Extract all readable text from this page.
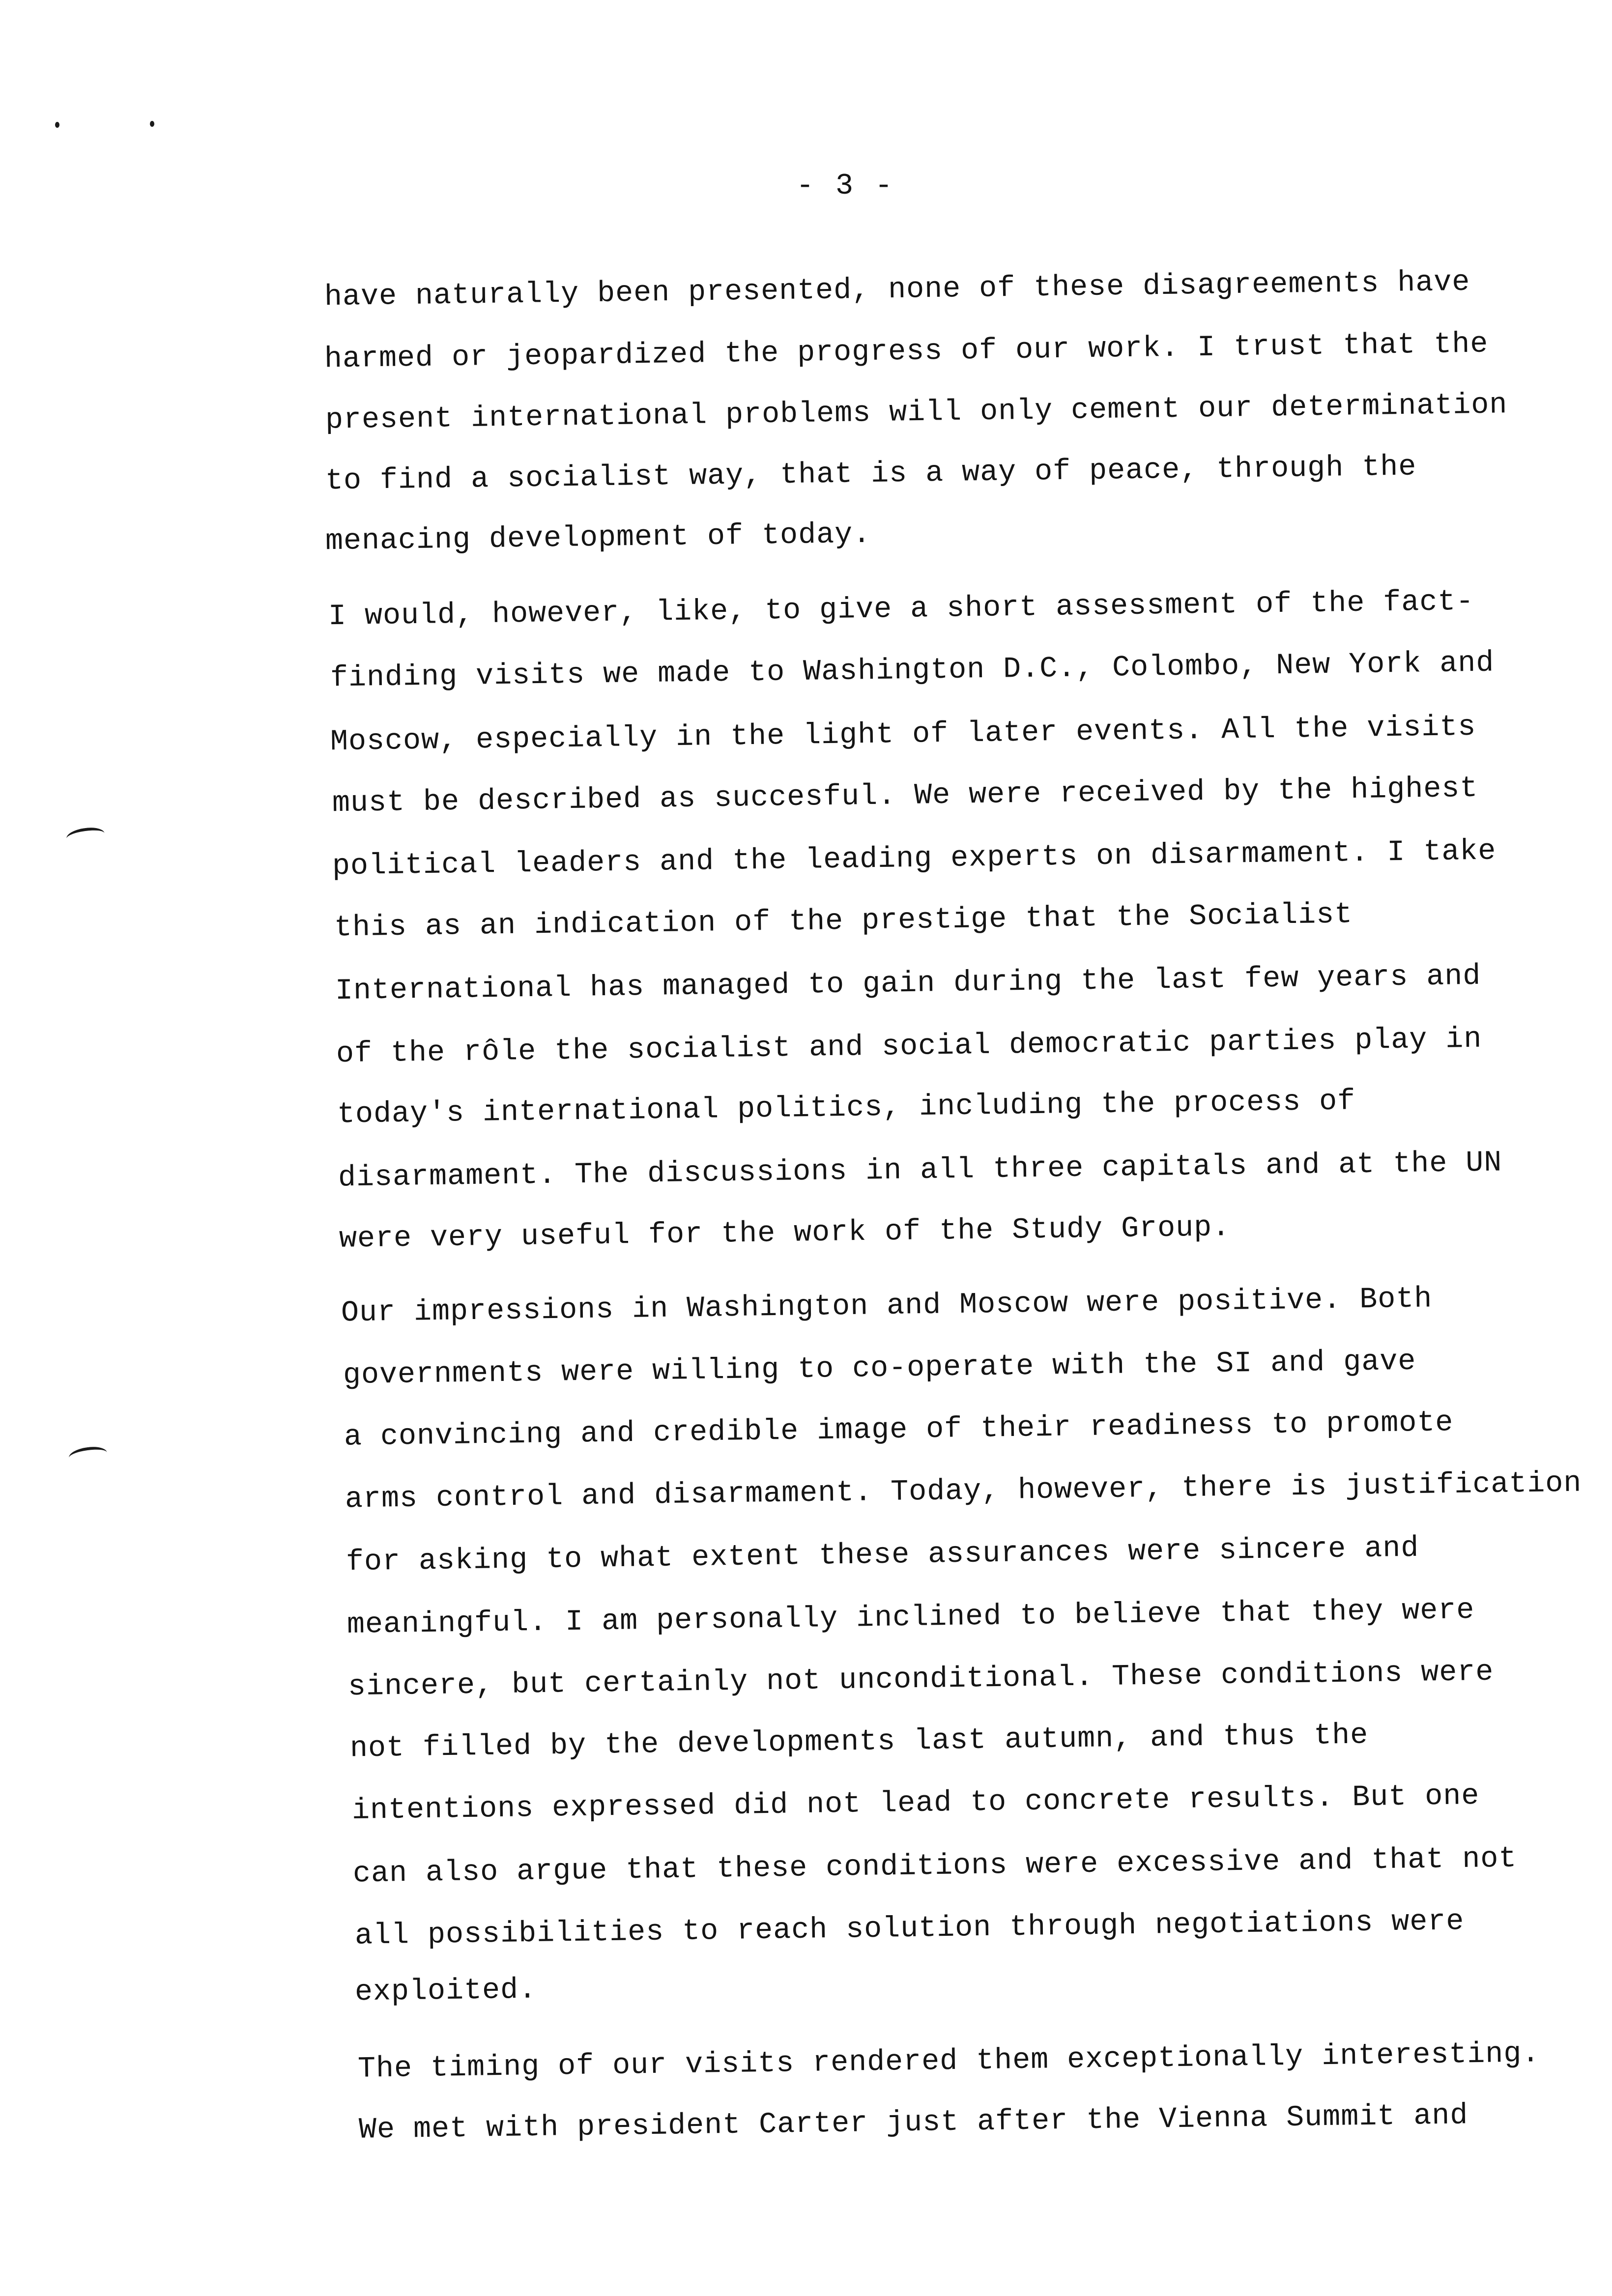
- 3 -
have naturally been presented, none of these disagreements have
harmed or jeopardized the progress of our work. I trust that the
present international problems will only cement our determination
to find a socialist way, that is a way of peace, through the
menacing development of today.
I would, however, like, to give a short assessment of the fact-
finding visits we made to Washington D.C., Colombo, New York and
Moscow, especially in the light of later events. All the visits
must be described as succesful. We were received by the highest
political leaders and the leading experts on disarmament. I take
this as an indication of the prestige that the Socialist
International has managed to gain during the last few years and
of the rôle the socialist and social democratic parties play in
today's international politics, including the process of
disarmament. The discussions in all three capitals and at the UN
were very useful for the work of the Study Group.
Our impressions in Washington and Moscow were positive. Both
governments were willing to co-operate with the SI and gave
a convincing and credible image of their readiness to promote
arms control and disarmament. Today, however, there is justification
for asking to what extent these assurances were sincere and
meaningful. I am personally inclined to believe that they were
sincere, but certainly not unconditional. These conditions were
not filled by the developments last autumn, and thus the
intentions expressed did not lead to concrete results. But one
can also argue that these conditions were excessive and that not
all possibilities to reach solution through negotiations were
exploited.
The timing of our visits rendered them exceptionally interesting.
We met with president Carter just after the Vienna Summit and
